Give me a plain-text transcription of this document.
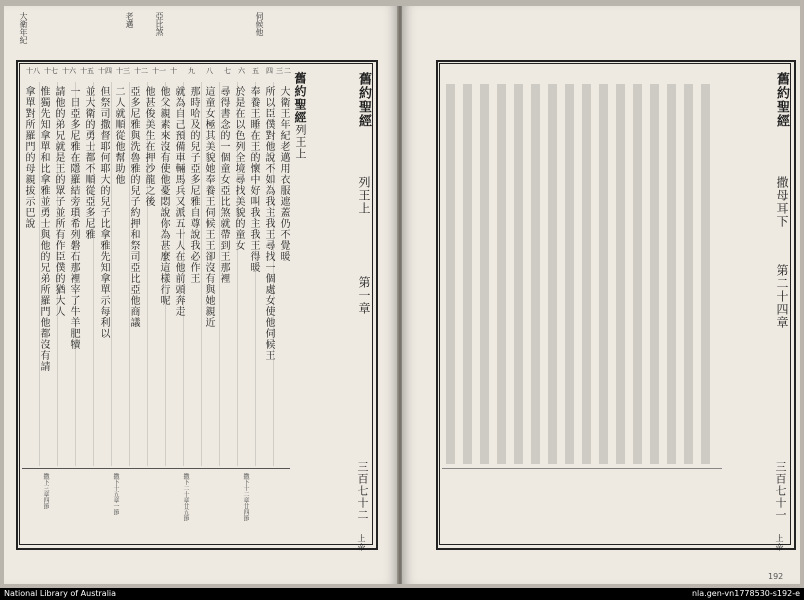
大衛年紀	老邁	亞比煞	伺候他
舊約聖經
列王上
第一章
三百七十二
上帝
舊約聖經
列王上
十八 十七 十六 十五 十四 十三 十二 十一 十 九 八 七 六 五 四 三 二
大衛王年紀老邁用衣服遮蓋仍不覺暖
所以臣僕對他說不如為我主我王尋找一個處女使他伺候王
奉養王睡在王的懷中好叫我主我王得暖
於是在以色列全境尋找美貌的童女
尋得書念的一個童女亞比煞就帶到王那裡
這童女極其美貌她奉養王伺候王王卻沒有與她親近
那時哈及的兒子亞多尼雅自尊說我必作王
就為自己預備車輛馬兵又派五十人在他前頭奔走
他父親素來沒有使他憂悶說你為甚麼這樣行呢
他甚俊美生在押沙龍之後
亞多尼雅與洗魯雅的兒子約押和祭司亞比亞他商議
二人就順從他幫助他
但祭司撒督耶何耶大的兒子比拿雅先知拿單示每利以
並大衛的勇士都不順從亞多尼雅
一日亞多尼雅在隱羅結旁瑣希列磐石那裡宰了牛羊肥犢
請他的弟兄就是王的眾子並所有作臣僕的猶大人
惟獨先知拿單和比拿雅並勇士與他的兄弟所羅門他都沒有請
拿單對所羅門的母親拔示巴說
撒下三章四節	撒下十五章一節	撒下二十章廿五節	撒下十二章廿四節
舊約聖經
撒母耳下
第二十四章
三百七十一
上帝
192
National Library of Australia	nla.gen-vn1778530-s192-e
